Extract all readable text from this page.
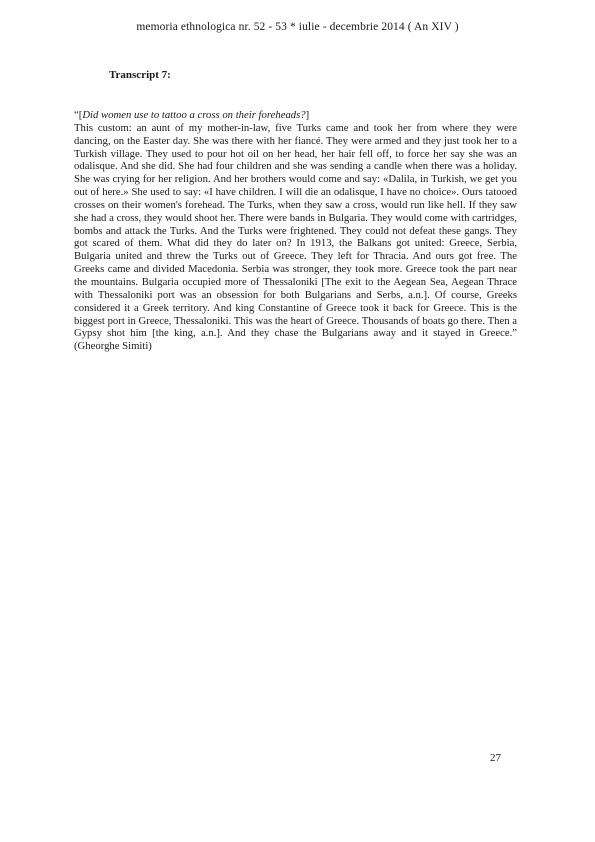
memoria ethnologica nr. 52 - 53 * iulie - decembrie 2014 ( An XIV )
Transcript 7:

“[Did women use to tattoo a cross on their foreheads?]

This custom: an aunt of my mother-in-law, five Turks came and took her from where they were dancing, on the Easter day. She was there with her fiancé. They were armed and they just took her to a Turkish village. They used to pour hot oil on her head, her hair fell off, to force her say she was an odalisque. And she did. She had four children and she was sending a candle when there was a holiday. She was crying for her religion. And her brothers would come and say: «Dalila, in Turkish, we get you out of here.» She used to say: «I have children. I will die an odalisque, I have no choice». Ours tatooed crosses on their women's forehead. The Turks, when they saw a cross, would run like hell. If they saw she had a cross, they would shoot her. There were bands in Bulgaria. They would come with cartridges, bombs and attack the Turks. And the Turks were frightened. They could not defeat these gangs. They got scared of them. What did they do later on? In 1913, the Balkans got united: Greece, Serbia, Bulgaria united and threw the Turks out of Greece. They left for Thracia. And ours got free. The Greeks came and divided Macedonia. Serbia was stronger, they took more. Greece took the part near the mountains. Bulgaria occupied more of Thessaloniki [The exit to the Aegean Sea, Aegean Thrace with Thessaloniki port was an obsession for both Bulgarians and Serbs, a.n.]. Of course, Greeks considered it a Greek territory. And king Constantine of Greece took it back for Greece. This is the biggest port in Greece, Thessaloniki. This was the heart of Greece. Thousands of boats go there. Then a Gypsy shot him [the king, a.n.]. And they chase the Bulgarians away and it stayed in Greece.” (Gheorghe Simiti)

27
